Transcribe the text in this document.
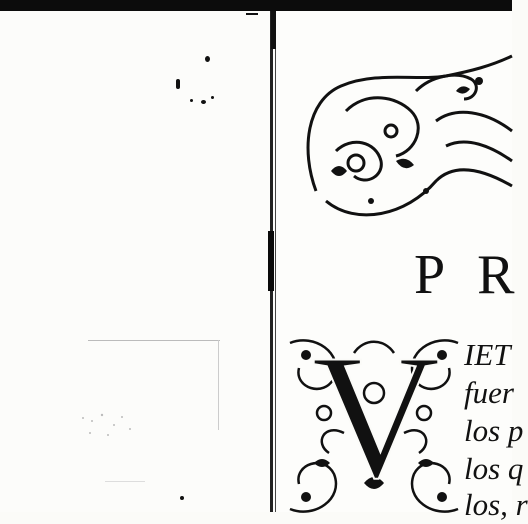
P R
V IET
fuer
los p
los q
los, r
